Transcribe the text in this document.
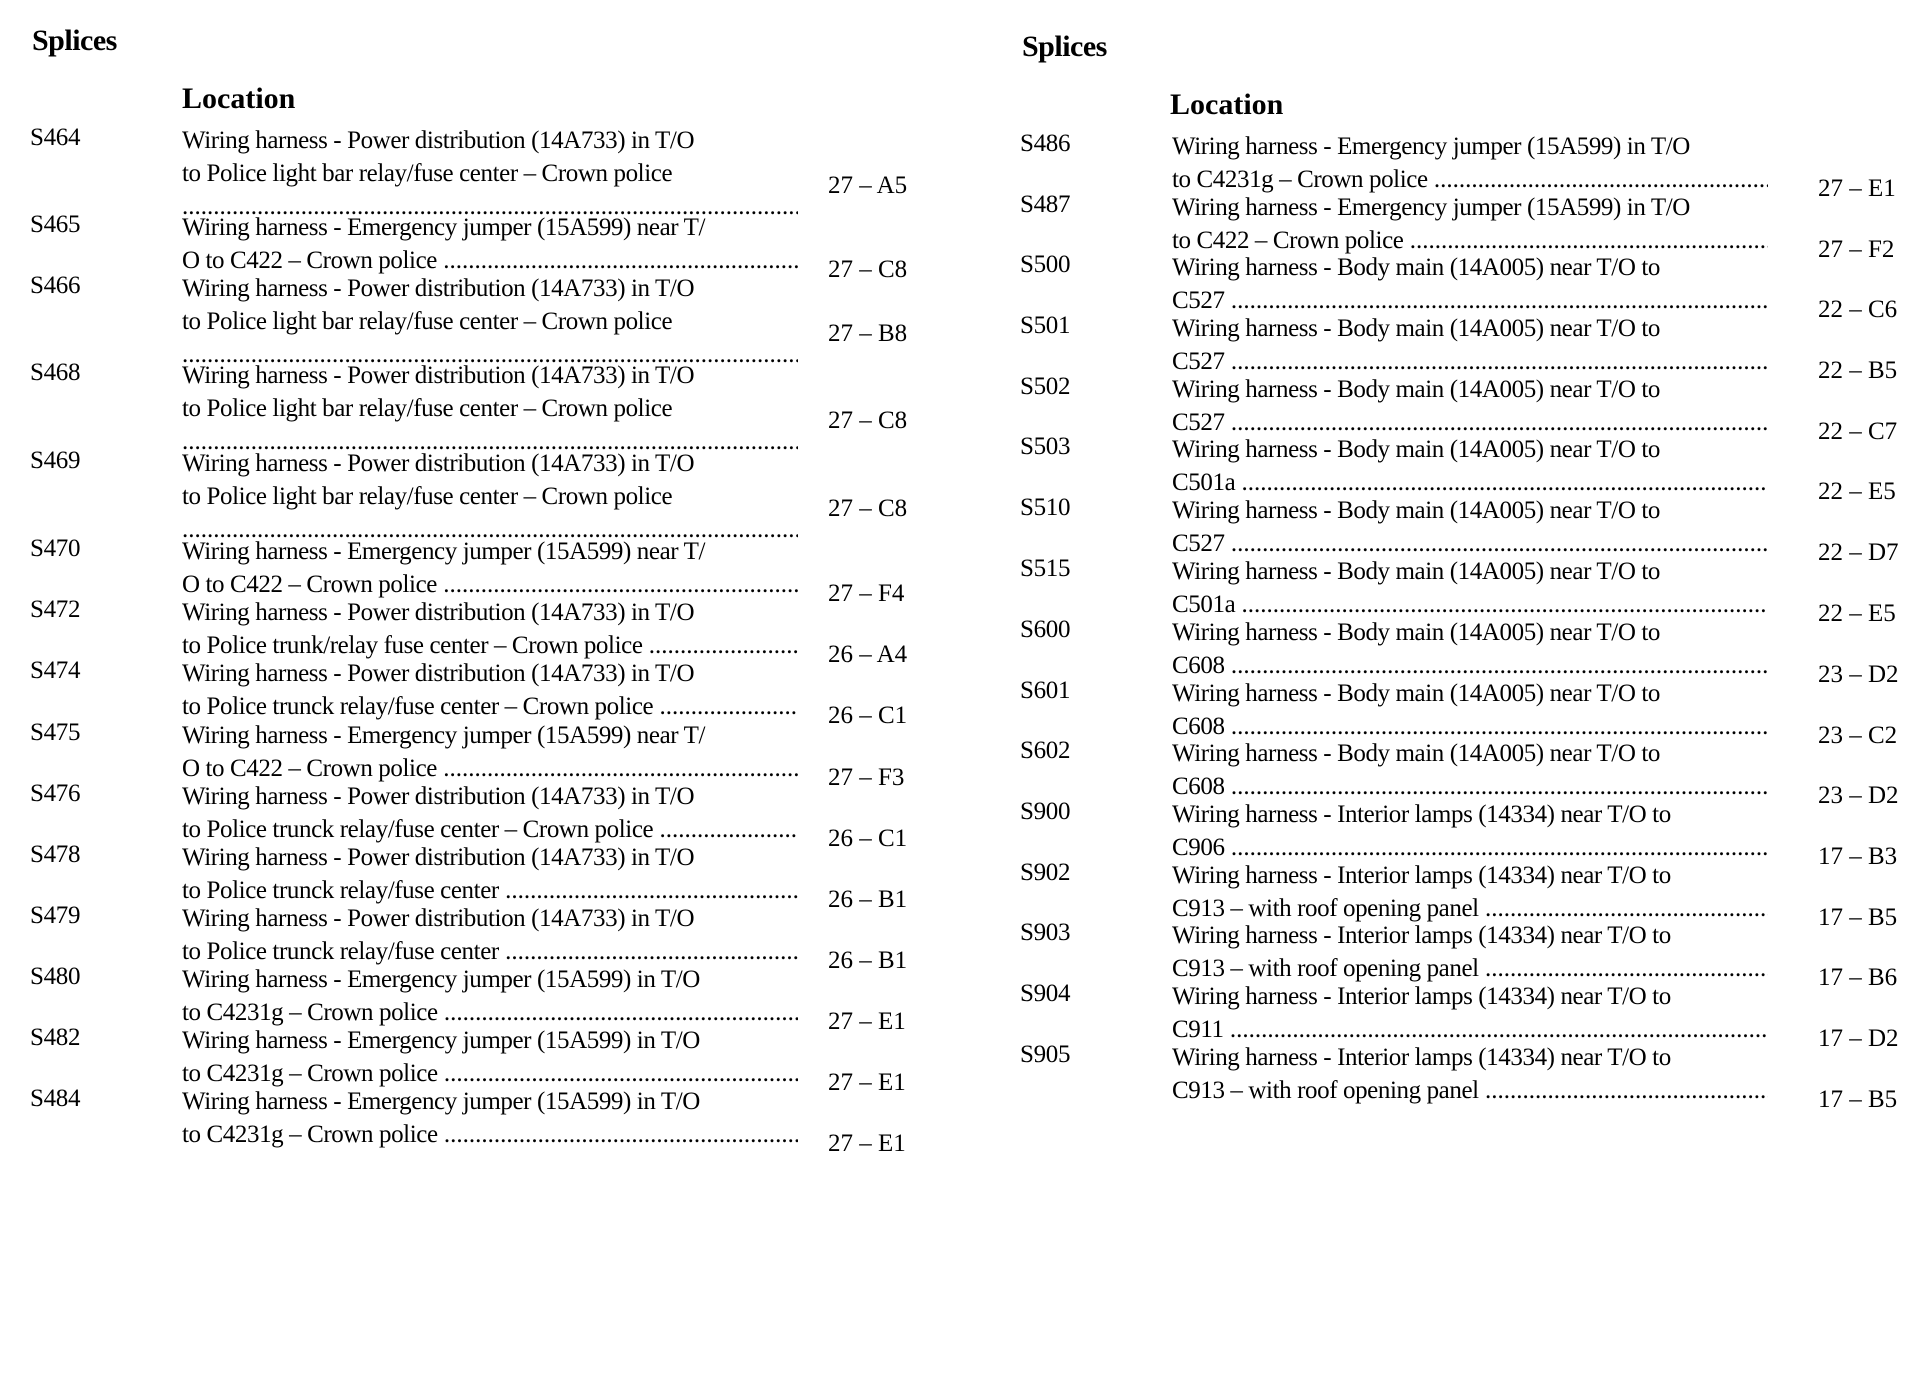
Splices
Location
S464	Wiring harness - Power distribution (14A733) in T/O
to Police light bar relay/fuse center – Crown police
.....	27 – A5
S465	Wiring harness - Emergency jumper (15A599) near T/
O to C422 – Crown police .....	27 – C8
S466	Wiring harness - Power distribution (14A733) in T/O
to Police light bar relay/fuse center – Crown police
.....	27 – B8
S468	Wiring harness - Power distribution (14A733) in T/O
to Police light bar relay/fuse center – Crown police
.....	27 – C8
S469	Wiring harness - Power distribution (14A733) in T/O
to Police light bar relay/fuse center – Crown police
.....	27 – C8
S470	Wiring harness - Emergency jumper (15A599) near T/
O to C422 – Crown police .....	27 – F4
S472	Wiring harness - Power distribution (14A733) in T/O
to Police trunk/relay fuse center – Crown police .....	26 – A4
S474	Wiring harness - Power distribution (14A733) in T/O
to Police trunck relay/fuse center – Crown police .....	26 – C1
S475	Wiring harness - Emergency jumper (15A599) near T/
O to C422 – Crown police .....	27 – F3
S476	Wiring harness - Power distribution (14A733) in T/O
to Police trunck relay/fuse center – Crown police .....	26 – C1
S478	Wiring harness - Power distribution (14A733) in T/O
to Police trunck relay/fuse center .....	26 – B1
S479	Wiring harness - Power distribution (14A733) in T/O
to Police trunck relay/fuse center .....	26 – B1
S480	Wiring harness - Emergency jumper (15A599) in T/O
to C4231g – Crown police .....	27 – E1
S482	Wiring harness - Emergency jumper (15A599) in T/O
to C4231g – Crown police .....	27 – E1
S484	Wiring harness - Emergency jumper (15A599) in T/O
to C4231g – Crown police .....	27 – E1
Splices
Location
S486	Wiring harness - Emergency jumper (15A599) in T/O
to C4231g – Crown police .....	27 – E1
S487	Wiring harness - Emergency jumper (15A599) in T/O
to C422 – Crown police .....	27 – F2
S500	Wiring harness - Body main (14A005) near T/O to
C527 .....	22 – C6
S501	Wiring harness - Body main (14A005) near T/O to
C527 .....	22 – B5
S502	Wiring harness - Body main (14A005) near T/O to
C527 .....	22 – C7
S503	Wiring harness - Body main (14A005) near T/O to
C501a .....	22 – E5
S510	Wiring harness - Body main (14A005) near T/O to
C527 .....	22 – D7
S515	Wiring harness - Body main (14A005) near T/O to
C501a .....	22 – E5
S600	Wiring harness - Body main (14A005) near T/O to
C608 .....	23 – D2
S601	Wiring harness - Body main (14A005) near T/O to
C608 .....	23 – C2
S602	Wiring harness - Body main (14A005) near T/O to
C608 .....	23 – D2
S900	Wiring harness - Interior lamps (14334) near T/O to
C906 .....	17 – B3
S902	Wiring harness - Interior lamps (14334) near T/O to
C913 – with roof opening panel .....	17 – B5
S903	Wiring harness - Interior lamps (14334) near T/O to
C913 – with roof opening panel .....	17 – B6
S904	Wiring harness - Interior lamps (14334) near T/O to
C911 .....	17 – D2
S905	Wiring harness - Interior lamps (14334) near T/O to
C913 – with roof opening panel .....	17 – B5
